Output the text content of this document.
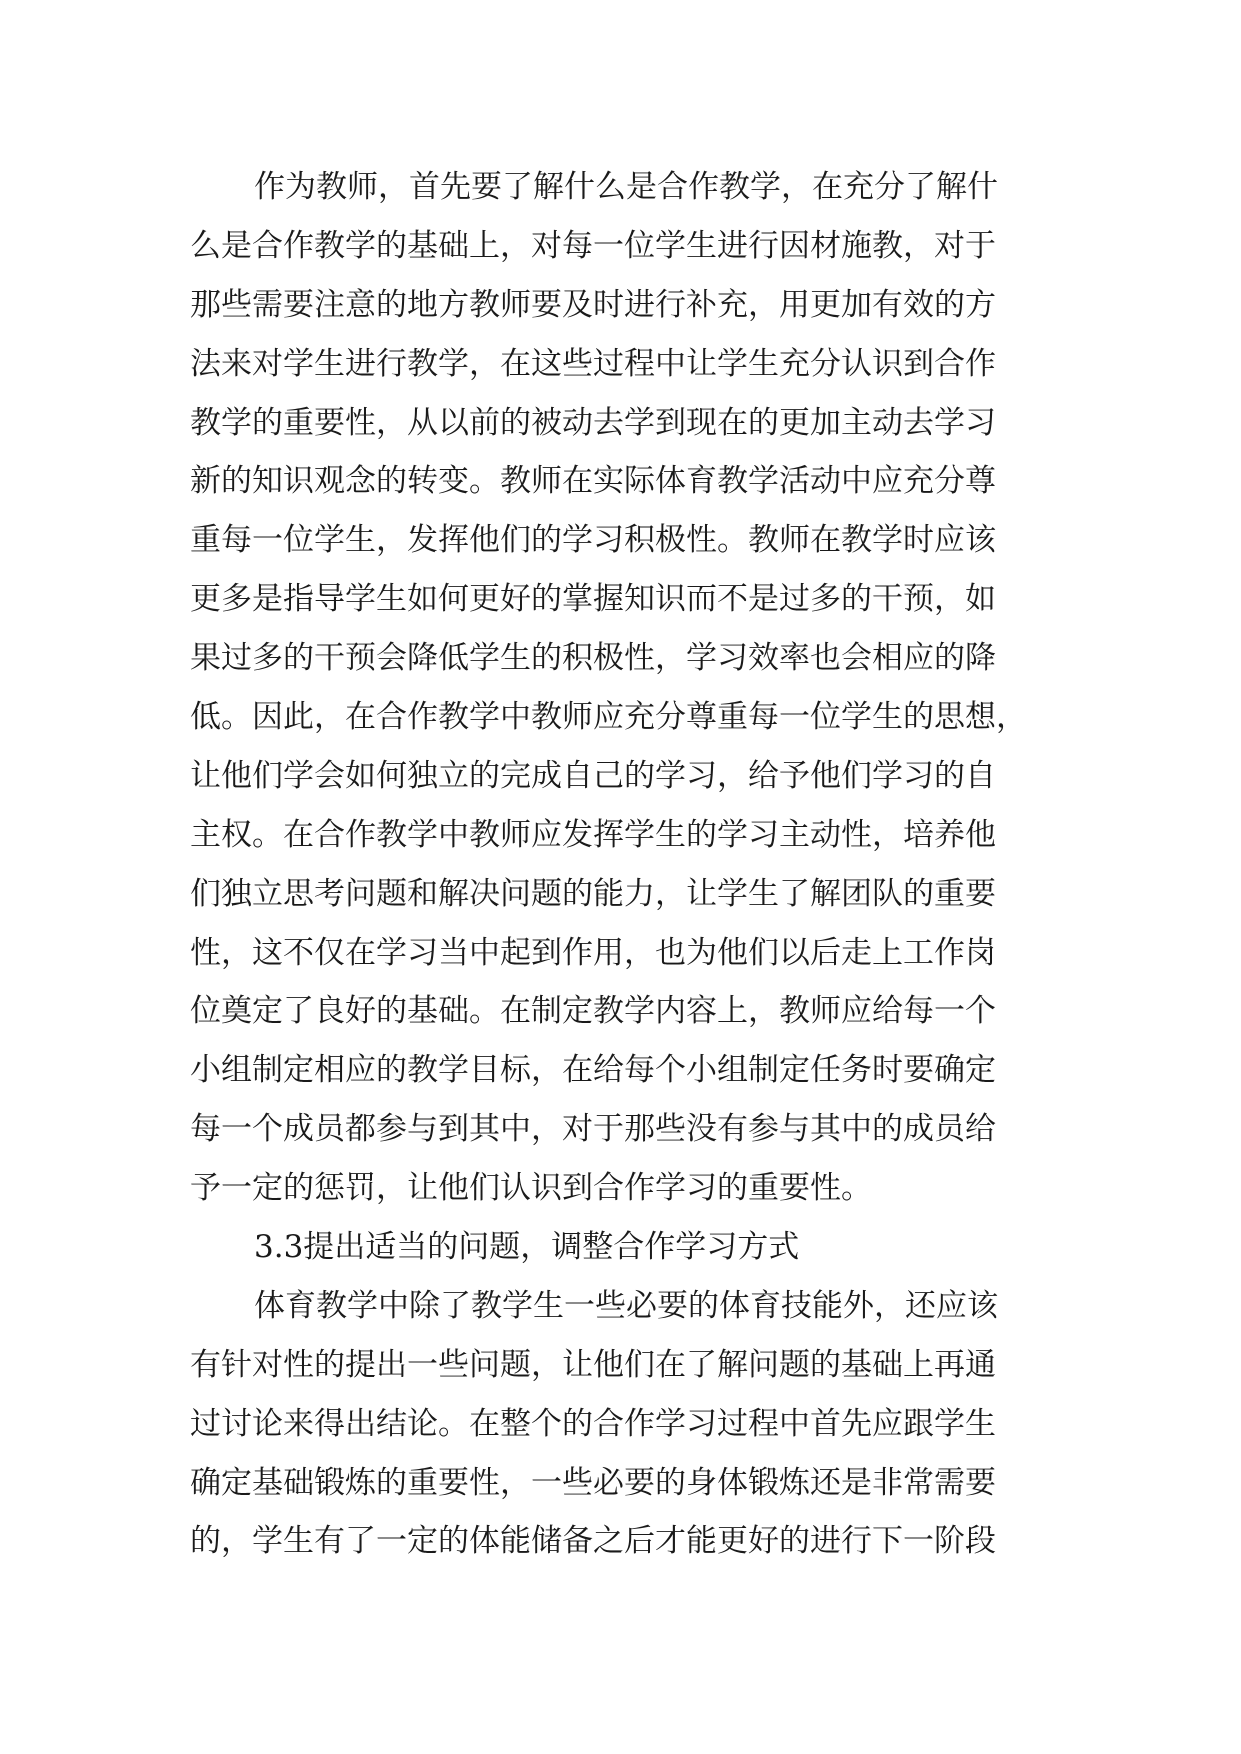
作为教师，首先要了解什么是合作教学，在充分了解什
么是合作教学的基础上，对每一位学生进行因材施教，对于
那些需要注意的地方教师要及时进行补充，用更加有效的方
法来对学生进行教学，在这些过程中让学生充分认识到合作
教学的重要性，从以前的被动去学到现在的更加主动去学习
新的知识观念的转变。教师在实际体育教学活动中应充分尊
重每一位学生，发挥他们的学习积极性。教师在教学时应该
更多是指导学生如何更好的掌握知识而不是过多的干预，如
果过多的干预会降低学生的积极性，学习效率也会相应的降
低。因此，在合作教学中教师应充分尊重每一位学生的思想，
让他们学会如何独立的完成自己的学习，给予他们学习的自
主权。在合作教学中教师应发挥学生的学习主动性，培养他
们独立思考问题和解决问题的能力，让学生了解团队的重要
性，这不仅在学习当中起到作用，也为他们以后走上工作岗
位奠定了良好的基础。在制定教学内容上，教师应给每一个
小组制定相应的教学目标，在给每个小组制定任务时要确定
每一个成员都参与到其中，对于那些没有参与其中的成员给
予一定的惩罚，让他们认识到合作学习的重要性。
3.3提出适当的问题，调整合作学习方式
体育教学中除了教学生一些必要的体育技能外，还应该
有针对性的提出一些问题，让他们在了解问题的基础上再通
过讨论来得出结论。在整个的合作学习过程中首先应跟学生
确定基础锻炼的重要性，一些必要的身体锻炼还是非常需要
的，学生有了一定的体能储备之后才能更好的进行下一阶段
